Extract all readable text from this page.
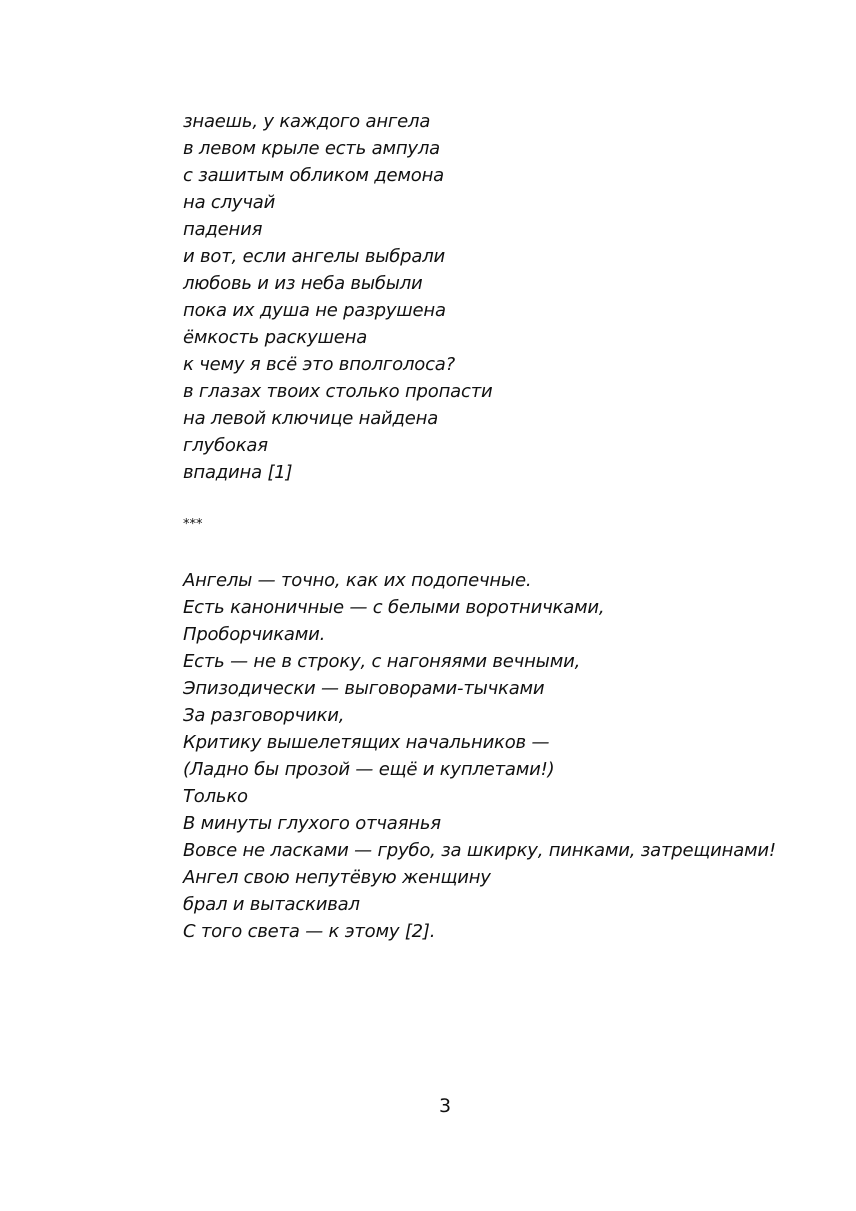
знаешь, у каждого ангела
в левом крыле есть ампула
с зашитым обликом демона
на случай
падения
и вот, если ангелы выбрали
любовь и из неба выбыли
пока их душа не разрушена
ёмкость раскушена
к чему я всё это вполголоса?
в глазах твоих столько пропасти
на левой ключице найдена
глубокая
впадина [1]
***
Ангелы — точно, как их подопечные.
Есть каноничные — с белыми воротничками,
Проборчиками.
Есть — не в строку, с нагоняями вечными,
Эпизодически — выговорами-тычками
За разговорчики,
Критику вышелетящих начальников —
(Ладно бы прозой — ещё и куплетами!)
Только
В минуты глухого отчаянья
Вовсе не ласками — грубо, за шкирку, пинками, затрещинами!
Ангел свою непутёвую женщину
брал и вытаскивал
С того света — к этому [2].
3
